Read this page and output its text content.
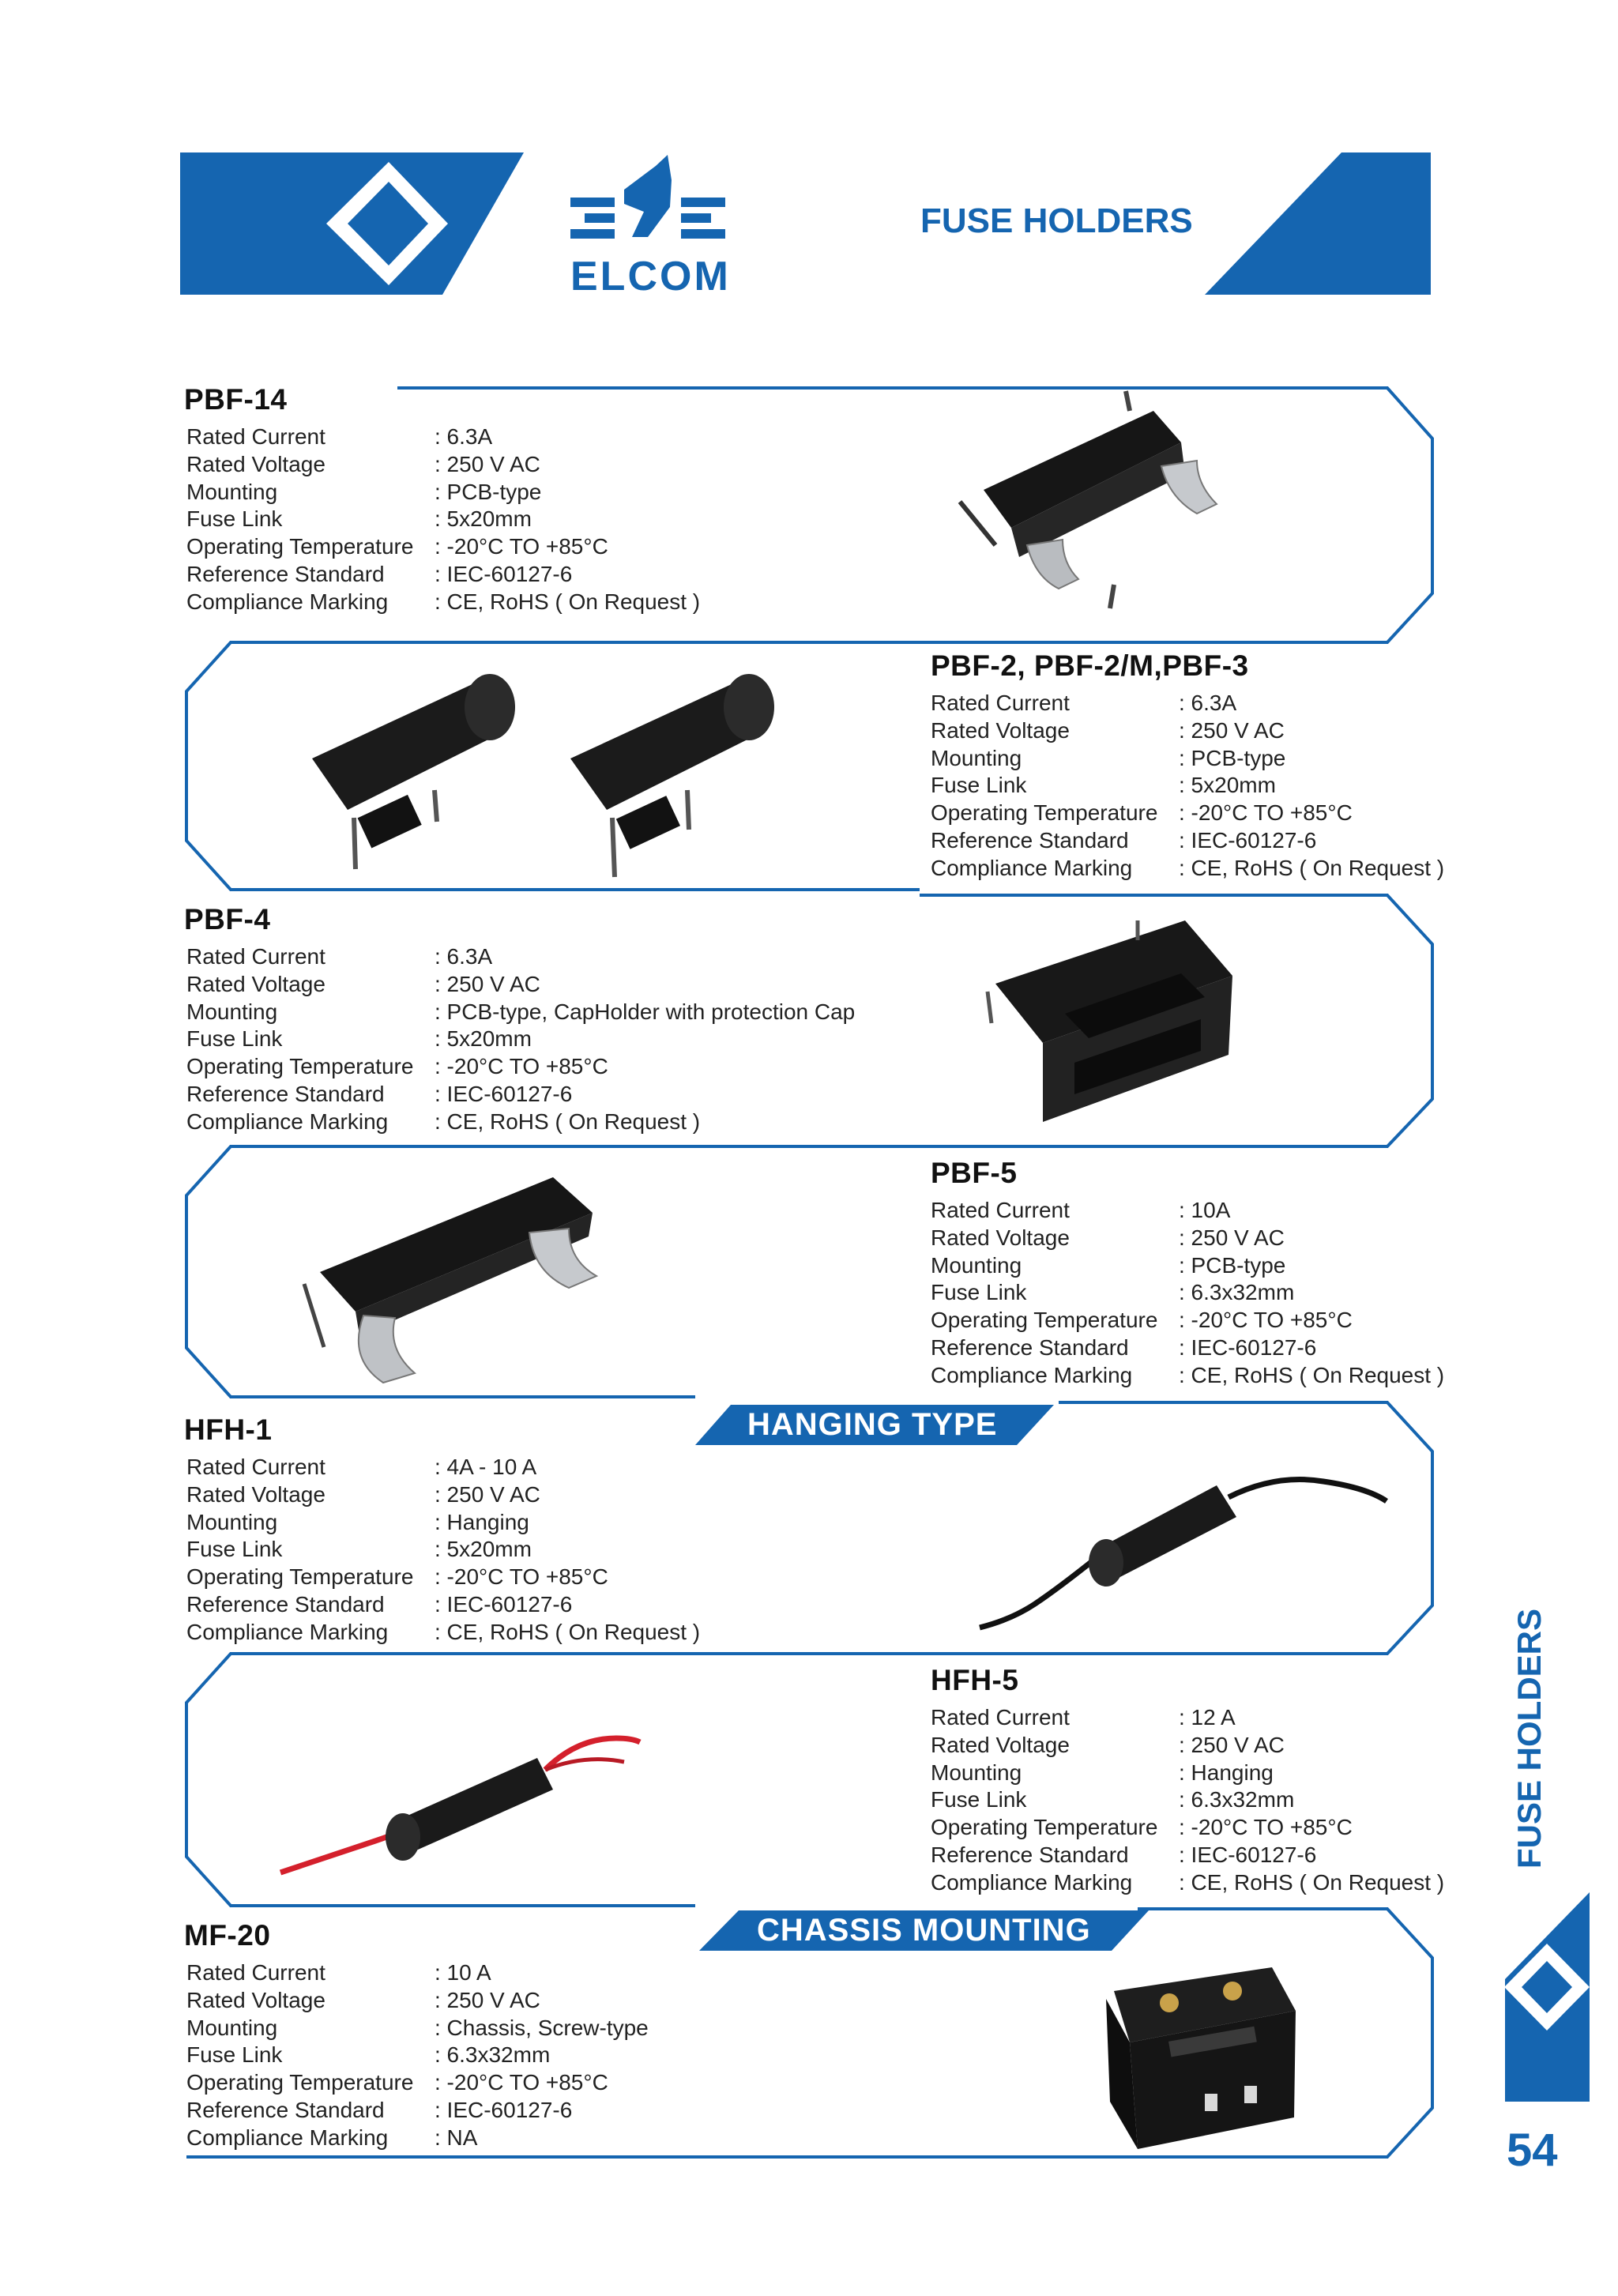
ELCOM
FUSE HOLDERS
PBF-14
Rated Current	: 6.3A
Rated Voltage	: 250 V AC
Mounting	: PCB-type
Fuse Link	: 5x20mm
Operating Temperature	: -20°C TO +85°C
Reference Standard	: IEC-60127-6
Compliance Marking	: CE, RoHS ( On Request )
PBF-2, PBF-2/M,PBF-3
Rated Current	: 6.3A
Rated Voltage	: 250 V AC
Mounting	: PCB-type
Fuse Link	: 5x20mm
Operating Temperature	: -20°C TO +85°C
Reference Standard	: IEC-60127-6
Compliance Marking	: CE, RoHS ( On Request )
PBF-4
Rated Current	: 6.3A
Rated Voltage	: 250 V AC
Mounting	: PCB-type, CapHolder with protection Cap
Fuse Link	: 5x20mm
Operating Temperature	: -20°C TO +85°C
Reference Standard	: IEC-60127-6
Compliance Marking	: CE, RoHS ( On Request )
PBF-5
Rated Current	: 10A
Rated Voltage	: 250 V AC
Mounting	: PCB-type
Fuse Link	: 6.3x32mm
Operating Temperature	: -20°C TO +85°C
Reference Standard	: IEC-60127-6
Compliance Marking	: CE, RoHS ( On Request )
HANGING TYPE
HFH-1
Rated Current	: 4A - 10 A
Rated Voltage	: 250 V AC
Mounting	: Hanging
Fuse Link	: 5x20mm
Operating Temperature	: -20°C TO +85°C
Reference Standard	: IEC-60127-6
Compliance Marking	: CE, RoHS ( On Request )
HFH-5
Rated Current	: 12 A
Rated Voltage	: 250 V AC
Mounting	: Hanging
Fuse Link	: 6.3x32mm
Operating Temperature	: -20°C TO +85°C
Reference Standard	: IEC-60127-6
Compliance Marking	: CE, RoHS ( On Request )
CHASSIS MOUNTING
MF-20
Rated Current	: 10 A
Rated Voltage	: 250 V AC
Mounting	: Chassis, Screw-type
Fuse Link	: 6.3x32mm
Operating Temperature	: -20°C TO +85°C
Reference Standard	: IEC-60127-6
Compliance Marking	: NA
FUSE HOLDERS
54
